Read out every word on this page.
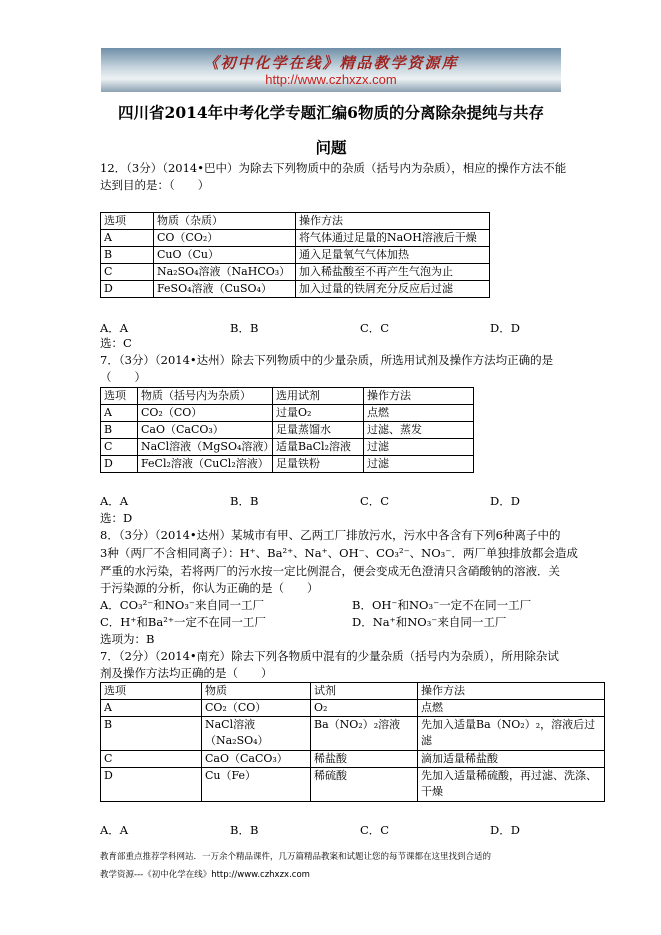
《初中化学在线》精品教学资源库
http://www.czhxzx.com
四川省2014年中考化学专题汇编6物质的分离除杂提纯与共存
问题
12．（3分）（2014•巴中）为除去下列物质中的杂质（括号内为杂质），相应的操作方法不能
达到目的是：（　　）
选项	物质（杂质）	操作方法
A	CO（CO₂）	将气体通过足量的NaOH溶液后干燥
B	CuO（Cu）	通入足量氧气气体加热
C	Na₂SO₄溶液（NaHCO₃）	加入稀盐酸至不再产生气泡为止
D	FeSO₄溶液（CuSO₄）	加入过量的铁屑充分反应后过滤
A．A	B．B	C．C	D．D
选：C
7．（3分）（2014•达州）除去下列物质中的少量杂质，所选用试剂及操作方法均正确的是
（　　）
选项	物质（括号内为杂质）	选用试剂	操作方法
A	CO₂（CO）	过量O₂	点燃
B	CaO（CaCO₃）	足量蒸馏水	过滤、蒸发
C	NaCl溶液（MgSO₄溶液）	适量BaCl₂溶液	过滤
D	FeCl₂溶液（CuCl₂溶液）	足量铁粉	过滤
A．A	B．B	C．C	D．D
选：D
8．（3分）（2014•达州）某城市有甲、乙两工厂排放污水，污水中各含有下列6种离子中的
3种（两厂不含相同离子）：H⁺、Ba²⁺、Na⁺、OH⁻、CO₃²⁻、NO₃⁻．两厂单独排放都会造成
严重的水污染，若将两厂的污水按一定比例混合，便会变成无色澄清只含硝酸钠的溶液．关
于污染源的分析，你认为正确的是（　　）
A．CO₃²⁻和NO₃⁻来自同一工厂	B．OH⁻和NO₃⁻一定不在同一工厂
C．H⁺和Ba²⁺一定不在同一工厂	D．Na⁺和NO₃⁻来自同一工厂
选项为：B
7．（2分）（2014•南充）除去下列各物质中混有的少量杂质（括号内为杂质），所用除杂试
剂及操作方法均正确的是（　　）
选项	物质	试剂	操作方法
A	CO₂（CO）	O₂	点燃
B	NaCl溶液（Na₂SO₄）	Ba（NO₂）₂溶液	先加入适量Ba（NO₂）₂，溶液后过滤
C	CaO（CaCO₃）	稀盐酸	滴加适量稀盐酸
D	Cu（Fe）	稀硫酸	先加入适量稀硫酸，再过滤、洗涤、干燥
A．A	B．B	C．C	D．D
教育部重点推荐学科网站．一万余个精品课件，几万篇精品教案和试题让您的每节课都在这里找到合适的
教学资源---《初中化学在线》http://www.czhxzx.com
